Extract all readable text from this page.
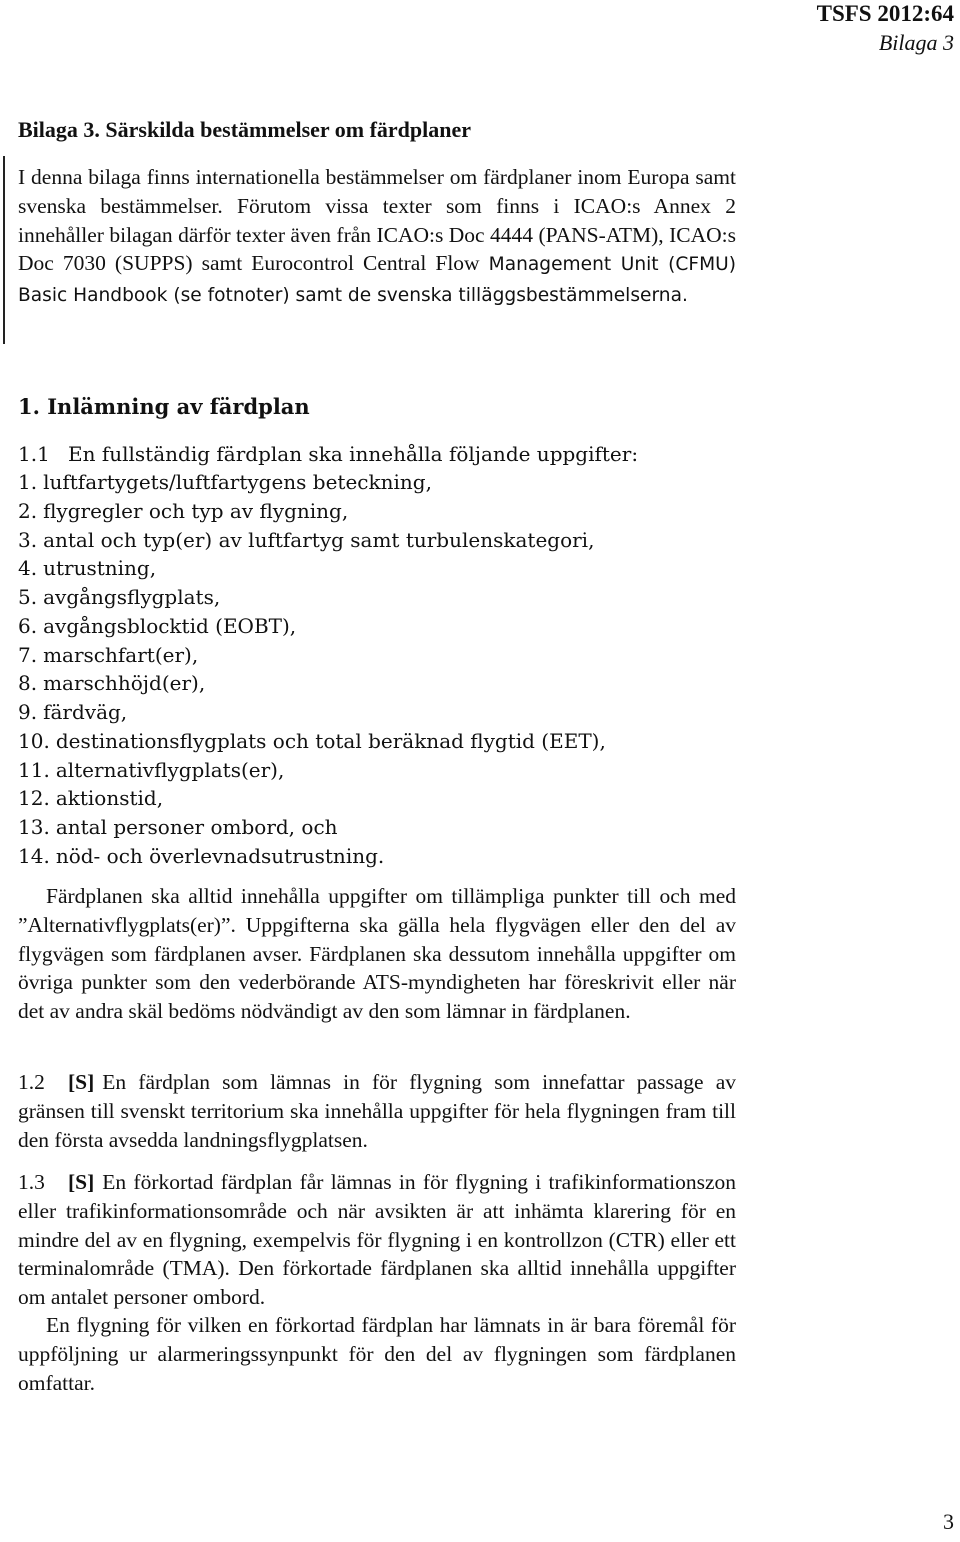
TSFS 2012:64
Bilaga 3
Bilaga 3. Särskilda bestämmelser om färdplaner

I denna bilaga finns internationella bestämmelser om färdplaner inom Europa samt svenska bestämmelser. Förutom vissa texter som finns i ICAO:s Annex 2 innehåller bilagan därför texter även från ICAO:s Doc 4444 (PANS-ATM), ICAO:s Doc 7030 (SUPPS) samt Eurocontrol Central Flow Management Unit (CFMU) Basic Handbook (se fotnoter) samt de svenska tilläggsbestämmelserna.

1. Inlämning av färdplan

1.1 En fullständig färdplan ska innehålla följande uppgifter:

1. luftfartygets/luftfartygens beteckning,
2. flygregler och typ av flygning,
3. antal och typ(er) av luftfartyg samt turbulenskategori,
4. utrustning,
5. avgångsflygplats,
6. avgångsblocktid (EOBT),
7. marschfart(er),
8. marschhöjd(er),
9. färdväg,
10. destinationsflygplats och total beräknad flygtid (EET),
11. alternativflygplats(er),
12. aktionstid,
13. antal personer ombord, och
14. nöd- och överlevnadsutrustning.

Färdplanen ska alltid innehålla uppgifter om tillämpliga punkter till och med ”Alternativflygplats(er)”. Uppgifterna ska gälla hela flygvägen eller den del av flygvägen som färdplanen avser. Färdplanen ska dessutom innehålla uppgifter om övriga punkter som den vederbörande ATS-myndigheten har föreskrivit eller när det av andra skäl bedöms nödvändigt av den som lämnar in färdplanen.

1.2 [S] En färdplan som lämnas in för flygning som innefattar passage av gränsen till svenskt territorium ska innehålla uppgifter för hela flygningen fram till den första avsedda landningsflygplatsen.

1.3 [S] En förkortad färdplan får lämnas in för flygning i trafikinformationszon eller trafikinformationsområde och när avsikten är att inhämta klarering för en mindre del av en flygning, exempelvis för flygning i en kontrollzon (CTR) eller ett terminalområde (TMA). Den förkortade färdplanen ska alltid innehålla uppgifter om antalet personer ombord.

En flygning för vilken en förkortad färdplan har lämnats in är bara föremål för uppföljning ur alarmeringssynpunkt för den del av flygningen som färdplanen omfattar.

3
